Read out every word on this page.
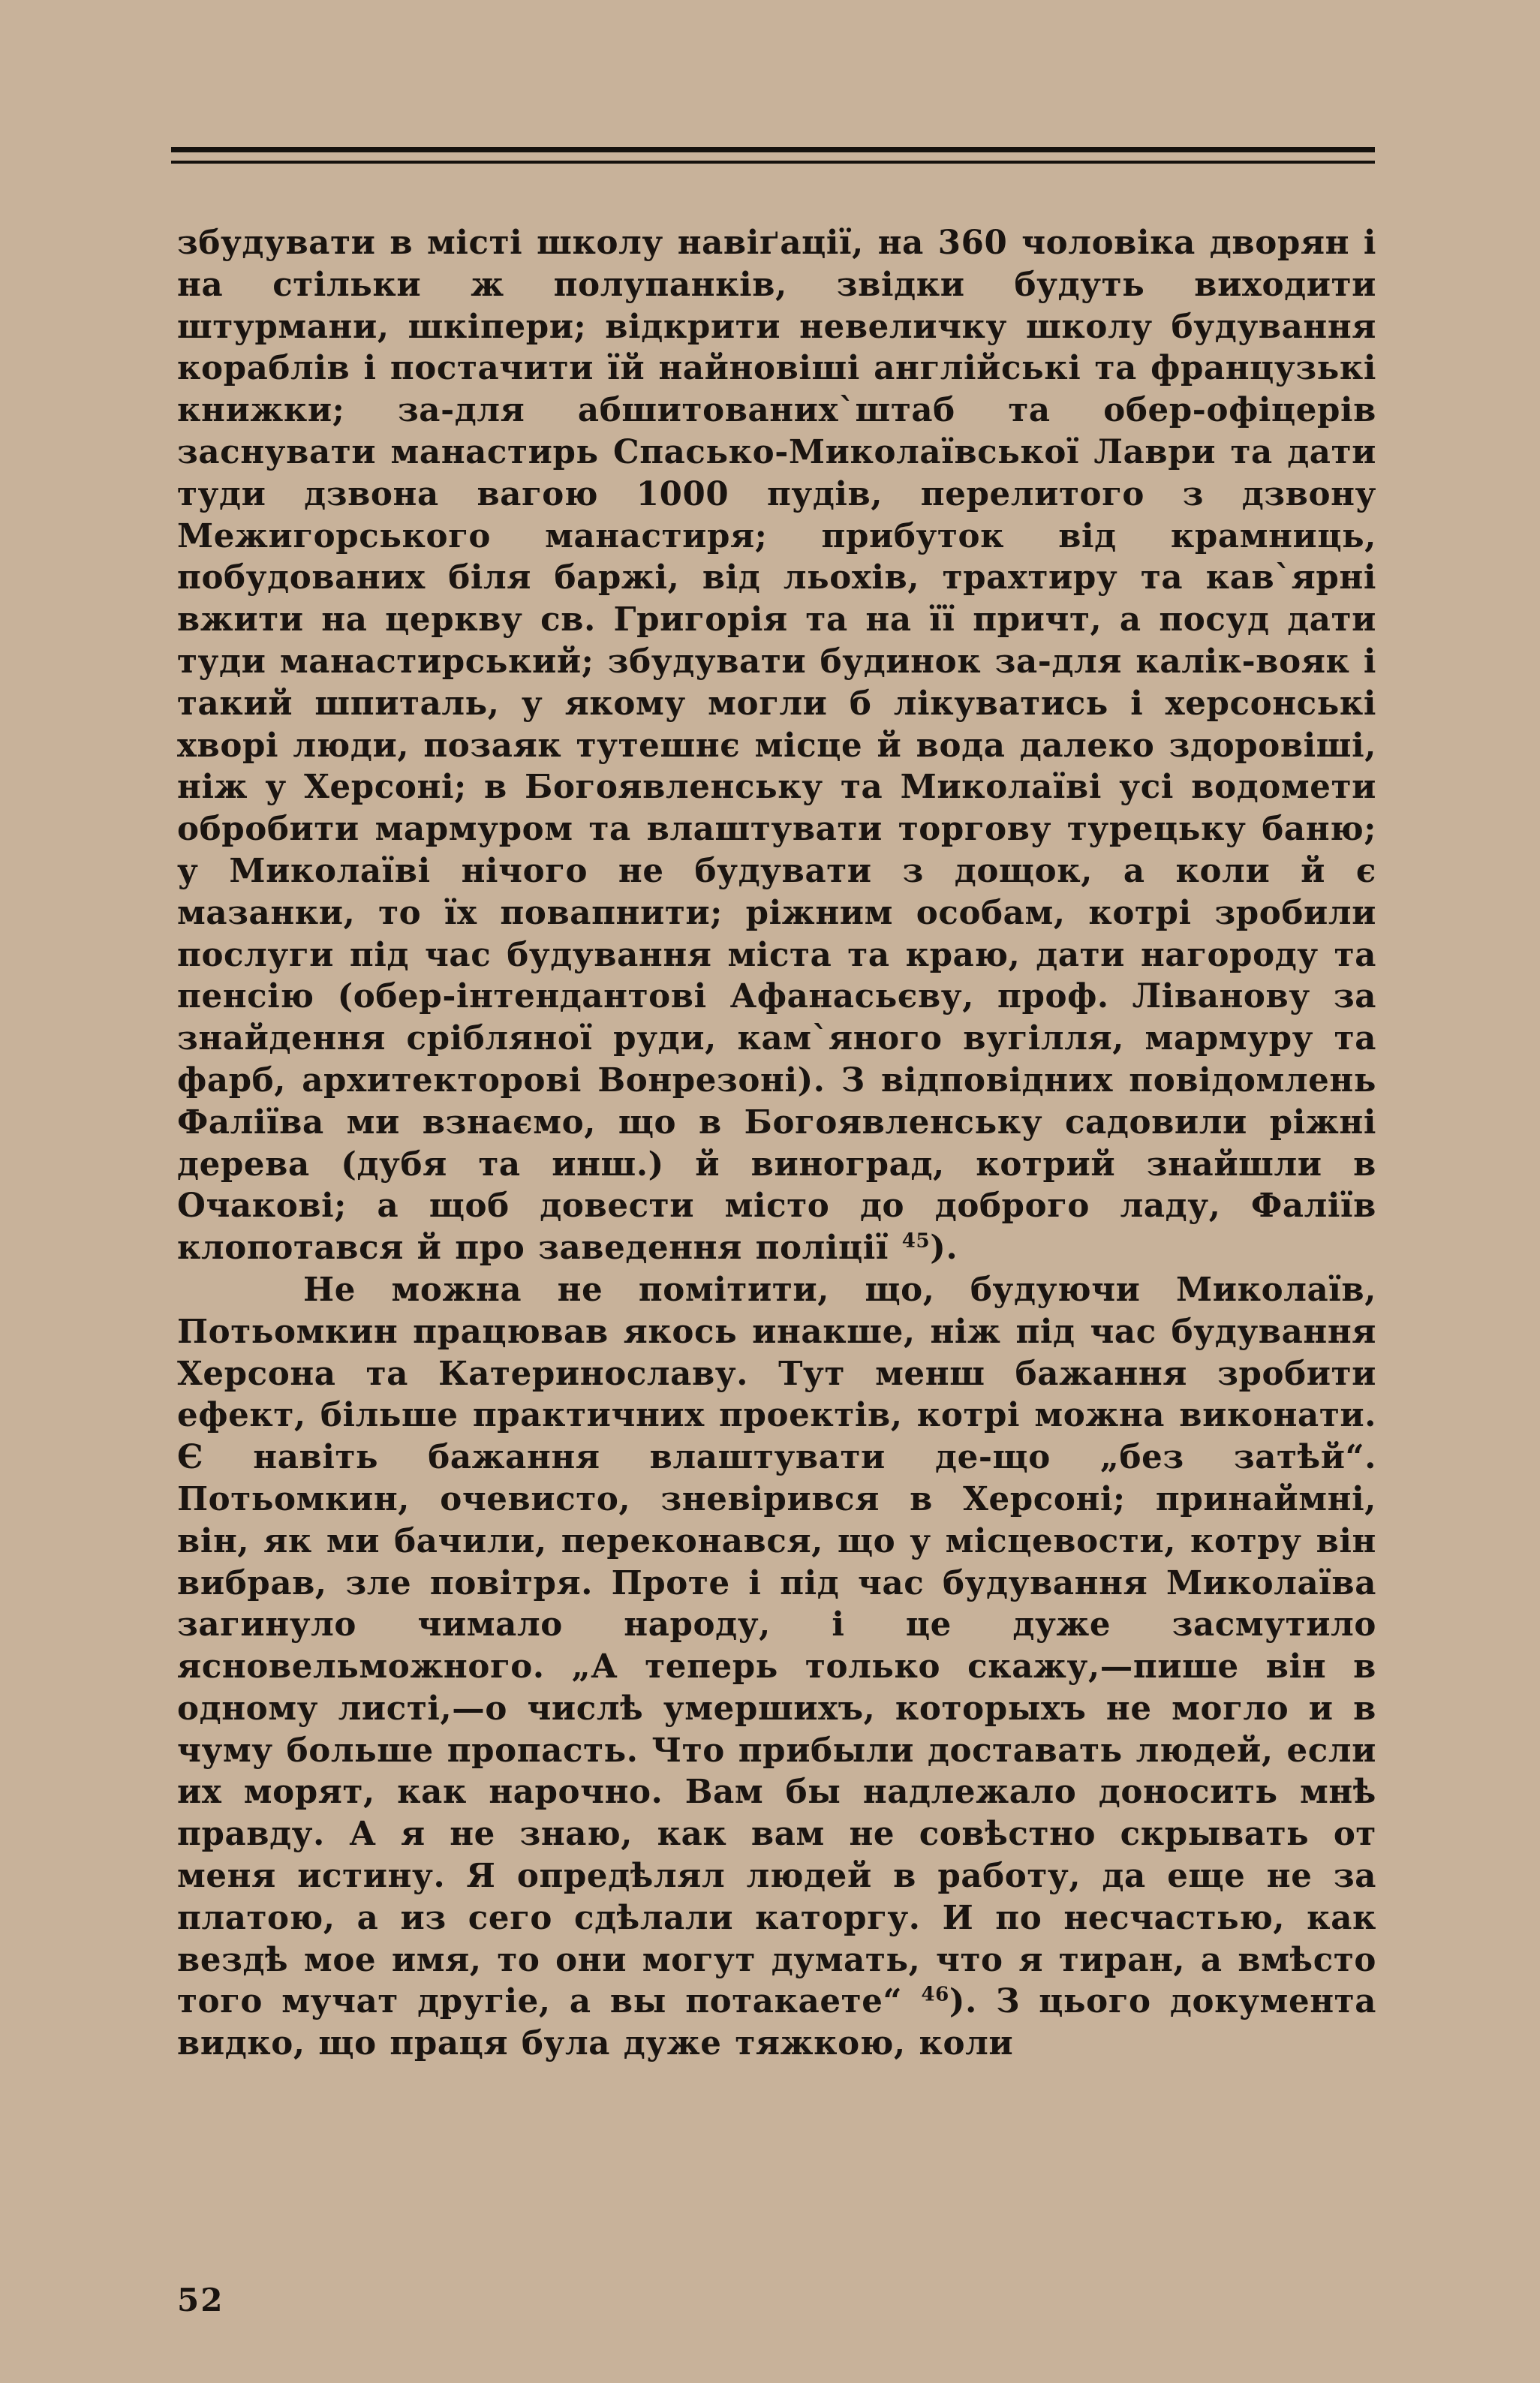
збудувати в місті школу навіґації, на 360 чоловіка дворян і на стільки ж полупанків, звідки будуть виходити штурмани, шкіпери; відкрити невеличку школу будування кораблів і постачити їй найновіші англійські та французькі книжки; за-для абшитованих`штаб та обер-офіцерів заснувати манастирь Спасько-Миколаївської Лаври та дати туди дзвона вагою 1000 пудів, перелитого з дзвону Межигорського манастиря; прибуток від крамниць, побудованих біля баржі, від льохів, трахтиру та кав`ярні вжити на церкву св. Григорія та на її причт, а посуд дати туди манастирський; збудувати будинок за-для калік-вояк і такий шпиталь, у якому могли б лікуватись і херсонські хворі люди, позаяк тутешнє місце й вода далеко здоровіші, ніж у Херсоні; в Богоявленську та Миколаїві усі водомети обробити мармуром та влаштувати торгову турецьку баню; у Миколаїві нічого не будувати з дощок, а коли й є мазанки, то їх повапнити; ріжним особам, котрі зробили послуги під час будування міста та краю, дати нагороду та пенсію (обер-інтендантові Афанасьєву, проф. Ліванову за знайдення срібляної руди, кам`яного вугілля, мармуру та фарб, архитекторові Вонрезоні). З відповідних повідомлень Фаліїва ми взнаємо, що в Богоявленську садовили ріжні дерева (дубя та инш.) й виноград, котрий знайшли в Очакові; а щоб довести місто до доброго ладу, Фаліїв клопотався й про заведення поліції $^{45}$).

Не можна не помітити, що, будуючи Миколаїв, Потьомкин працював якось инакше, ніж під час будування Херсона та Катеринославу. Тут менш бажання зробити ефект, більше практичних проектів, котрі можна виконати. Є навіть бажання влаштувати де-що „без затѣй“. Потьомкин, очевисто, зневірився в Херсоні; принаймні, він, як ми бачили, переконався, що у місцевости, котру він вибрав, зле повітря. Проте і під час будування Миколаїва загинуло чимало народу, і це дуже засмутило ясновельможного. „А теперь только скажу,—пише він в одному листі,—о числѣ умершихъ, которыхъ не могло и в чуму больше пропасть. Что прибыли доставать людей, если их морят, как нарочно. Вам бы надлежало доносить мнѣ правду. А я не знаю, как вам не совѣстно скрывать от меня истину. Я опредѣлял людей в работу, да еще не за платою, а из сего сдѣлали каторгу. И по несчастью, как вездѣ мое имя, то они могут думать, что я тиран, а вмѣсто того мучат другіе, а вы потакаете“ $^{46}$). З цього документа видко, що праця була дуже тяжкою, коли

52
